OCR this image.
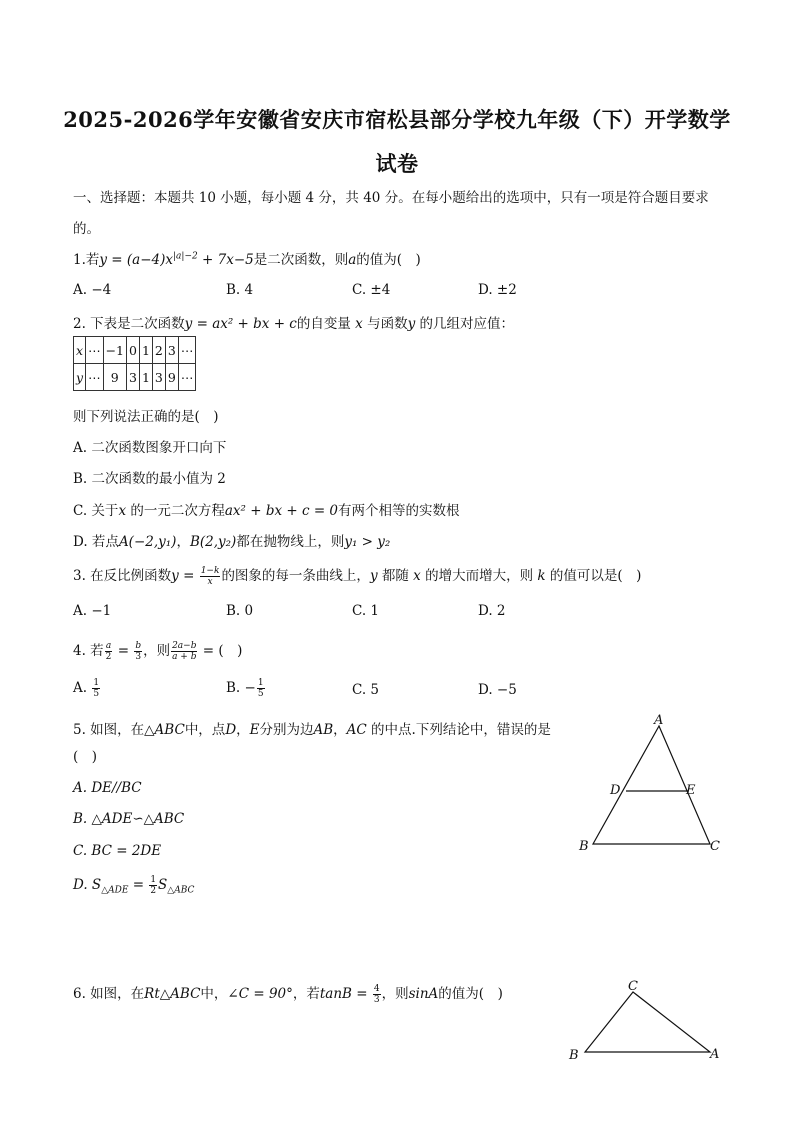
2025-2026学年安徽省安庆市宿松县部分学校九年级（下）开学数学
试卷
一、选择题：本题共 10 小题，每小题 4 分，共 40 分。在每小题给出的选项中，只有一项是符合题目要求
的。
1.若$y = (a-4)x^{|a|-2} + 7x-5$是二次函数，则a的值为( )
A. −4	B. 4	C. ±4	D. ±2
2. 下表是二次函数y = ax² + bx + c的自变量 x 与函数y 的几组对应值：
x	⋯	−1	0	1	2	3	⋯
y	⋯	9	3	1	3	9	⋯
则下列说法正确的是( )
A. 二次函数图象开口向下
B. 二次函数的最小值为 2
C. 关于x 的一元二次方程ax² + bx + c = 0有两个相等的实数根
D. 若点A(−2,y₁)，B(2,y₂)都在抛物线上，则y₁ > y₂
3. 在反比例函数$y = \frac{1-k}{x}$ 的图象的每一条曲线上，y 都随 x 的增大而增大，则 k 的值可以是( )
A. −1	B. 0	C. 1	D. 2
4. 若 $\frac{a}{2} = \frac{b}{3}$ ，则 $\frac{2a-b}{a + b}$ = ( )
A. $\frac{1}{5}$	B. − $\frac{1}{5}$	C. 5	D. −5
5. 如图，在△ABC中，点D，E分别为边AB，AC 的中点.下列结论中，错误的是
( )
A. DE//BC
B. △ADE∽△ABC
C. BC = 2DE
D. $S_{\triangle ADE} = \frac{1}{2} S_{\triangle ABC}$
A
D	E
B	C
6. 如图，在Rt△ABC中，∠C = 90°，若$\tan B = \frac{4}{3}$ ，则sinA的值为( )	C
B	A
